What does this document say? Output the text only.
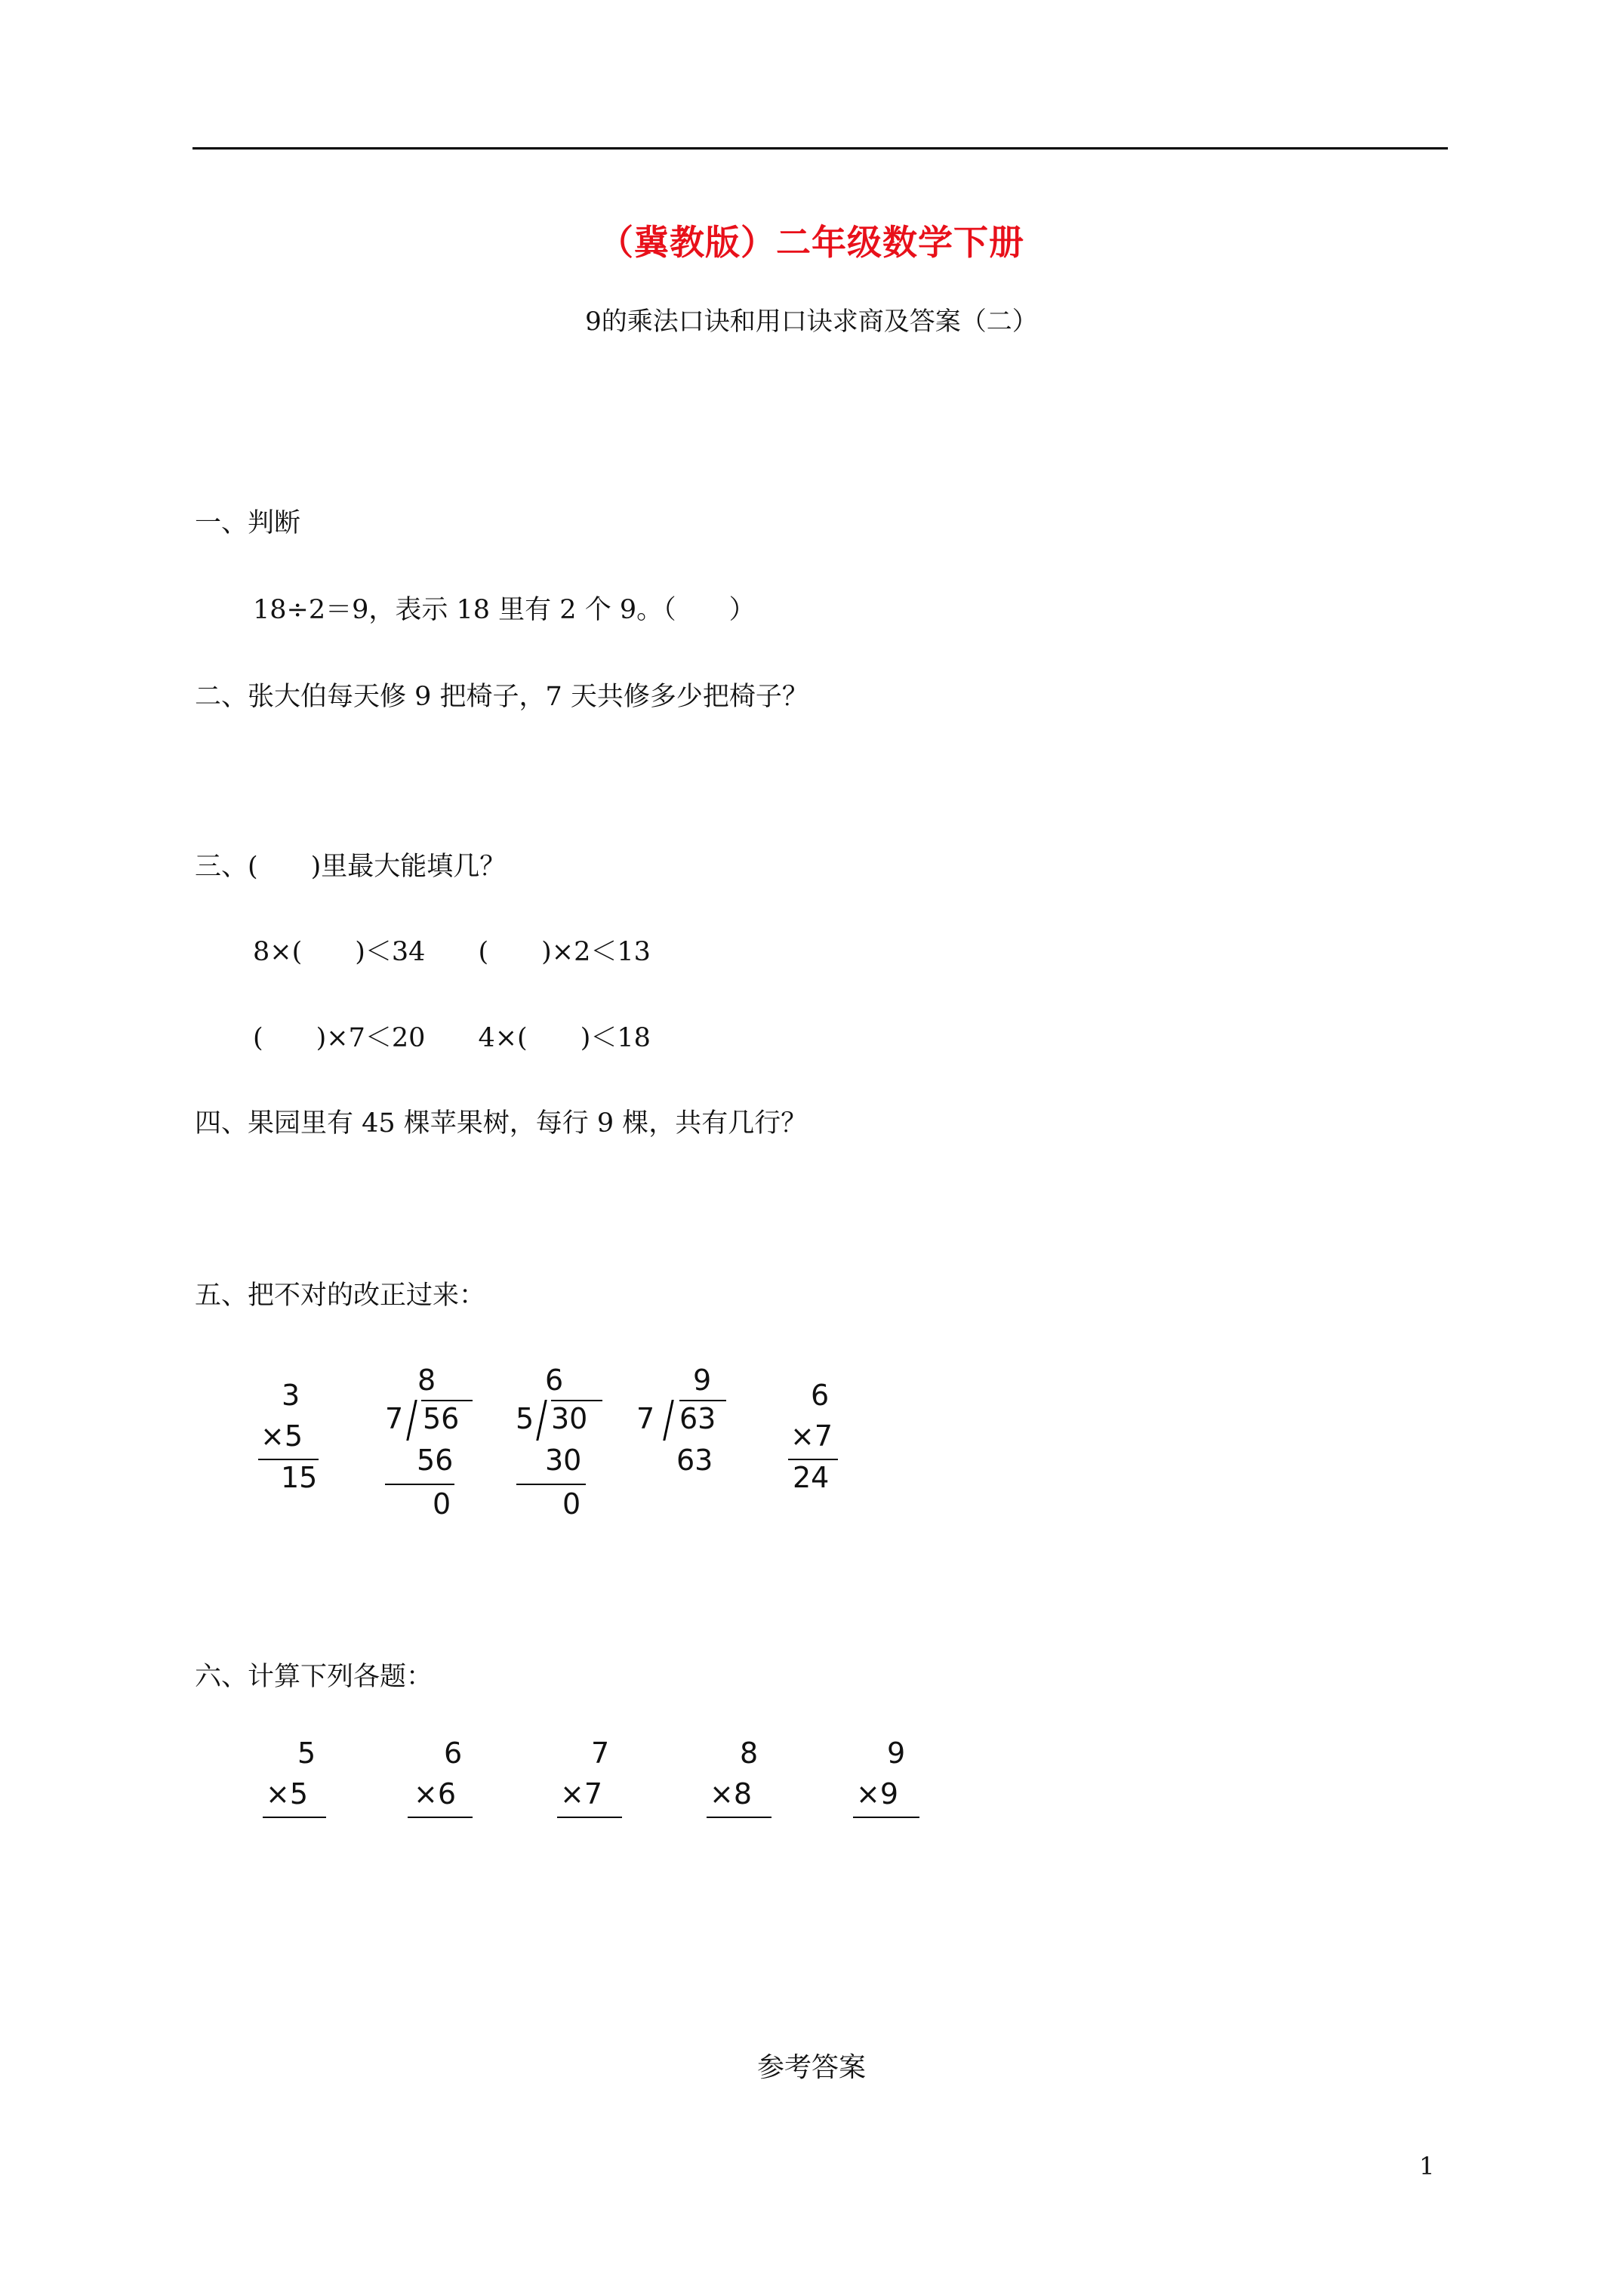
（冀教版）二年级数学下册
9的乘法口诀和用口诀求商及答案（二）
一、判断
18÷2＝9，表示 18 里有 2 个 9。（　　）
二、张大伯每天修 9 把椅子，7 天共修多少把椅子？
三、(　　)里最大能填几？
8×(　　)＜34　　(　　)×2＜13
(　　)×7＜20　　4×(　　)＜18
四、果园里有 45 棵苹果树，每行 9 棵，共有几行？
五、把不对的改正过来：
3
×5
15
8
7 56
56
0
6
5 30
30
0
9
7 63
63
6
×7
24
六、计算下列各题：
5
×5
6
×6
7
×7
8
×8
9
×9
参考答案
1
